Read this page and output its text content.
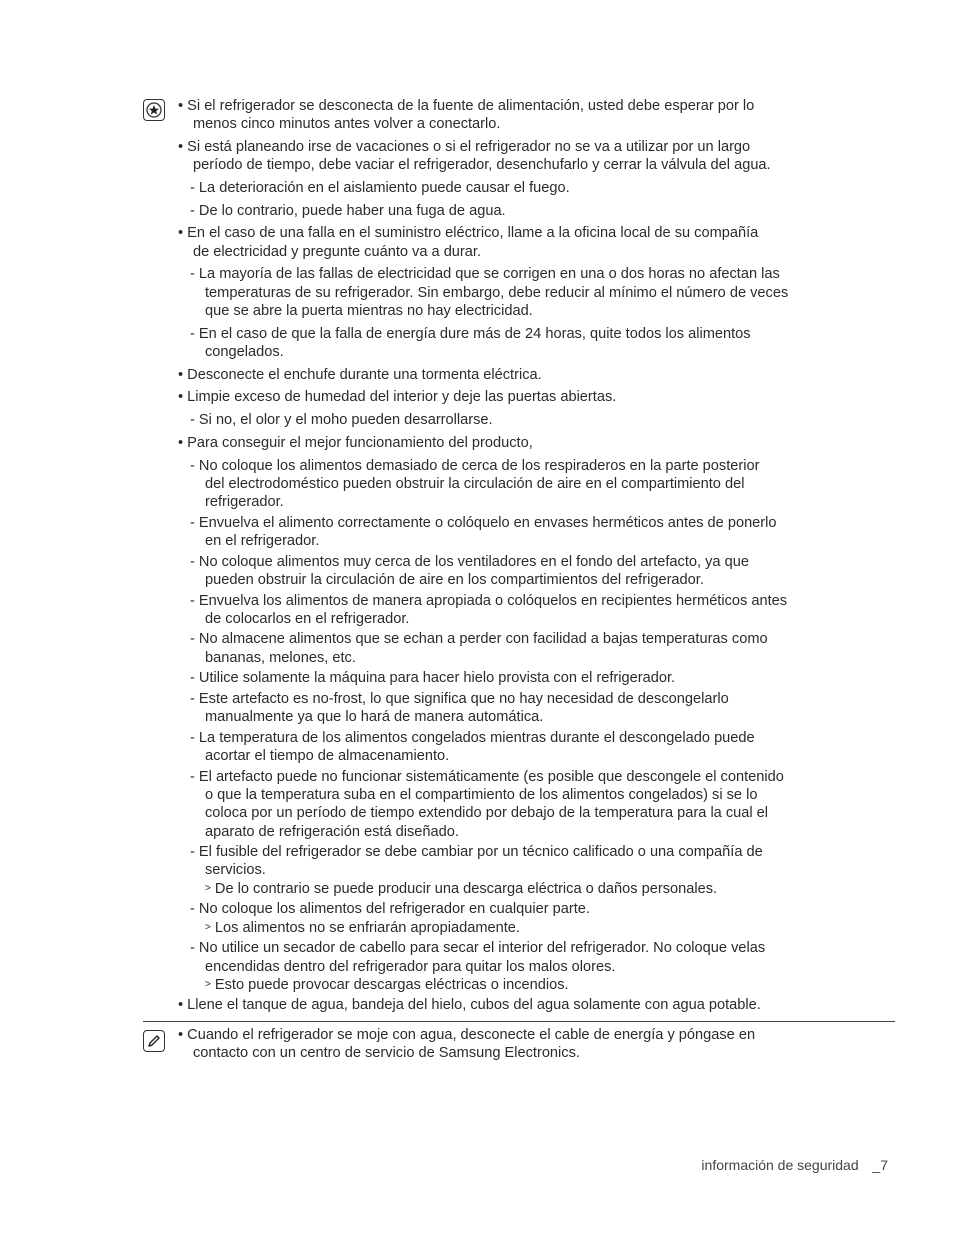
• Si el refrigerador se desconecta de la fuente de alimentación, usted debe esperar por lo
menos cinco minutos antes volver a conectarlo.
• Si está planeando irse de vacaciones o si el refrigerador no se va a utilizar por un largo
período de tiempo, debe vaciar el refrigerador, desenchufarlo y cerrar la válvula del agua.
- La deterioración en el aislamiento puede causar el fuego.
- De lo contrario, puede haber una fuga de agua.
• En el caso de una falla en el suministro eléctrico, llame a la oficina local de su compañía
de electricidad y pregunte cuánto va a durar.
- La mayoría de las fallas de electricidad que se corrigen en una o dos horas no afectan las
temperaturas de su refrigerador. Sin embargo, debe reducir al mínimo el número de veces
que se abre la puerta mientras no hay electricidad.
- En el caso de que la falla de energía dure más de 24 horas, quite todos los alimentos
congelados.
• Desconecte el enchufe durante una tormenta eléctrica.
• Limpie exceso de humedad del interior y deje las puertas abiertas.
- Si no, el olor y el moho pueden desarrollarse.
• Para conseguir el mejor funcionamiento del producto,
- No coloque los alimentos demasiado de cerca de los respiraderos en la parte posterior
del electrodoméstico pueden obstruir la circulación de aire en el compartimiento del
refrigerador.
- Envuelva el alimento correctamente o colóquelo en envases herméticos antes de ponerlo
en el refrigerador.
- No coloque alimentos muy cerca de los ventiladores en el fondo del artefacto, ya que
pueden obstruir la circulación de aire en los compartimientos del refrigerador.
- Envuelva los alimentos de manera apropiada o colóquelos en recipientes herméticos antes
de colocarlos en el refrigerador.
- No almacene alimentos que se echan a perder con facilidad a bajas temperaturas como
bananas, melones, etc.
- Utilice solamente la máquina para hacer hielo provista con el refrigerador.
- Este artefacto es no-frost, lo que significa que no hay necesidad de descongelarlo
manualmente ya que lo hará de manera automática.
- La temperatura de los alimentos congelados mientras durante el descongelado puede
acortar el tiempo de almacenamiento.
- El artefacto puede no funcionar sistemáticamente (es posible que descongele el contenido
o que la temperatura suba en el compartimiento de los alimentos congelados) si se lo
coloca por un período de tiempo extendido por debajo de la temperatura para la cual el
aparato de refrigeración está diseñado.
- El fusible del refrigerador se debe cambiar por un técnico calificado o una compañía de
servicios.
> De lo contrario se puede producir una descarga eléctrica o daños personales.
- No coloque los alimentos del refrigerador en cualquier parte.
> Los alimentos no se enfriarán apropiadamente.
- No utilice un secador de cabello para secar el interior del refrigerador. No coloque velas
encendidas dentro del refrigerador para quitar los malos olores.
> Esto puede provocar descargas eléctricas o incendios.
• Llene el tanque de agua, bandeja del hielo, cubos del agua solamente con agua potable.
• Cuando el refrigerador se moje con agua, desconecte el cable de energía y póngase en
contacto con un centro de servicio de Samsung Electronics.
información de seguridad _7
